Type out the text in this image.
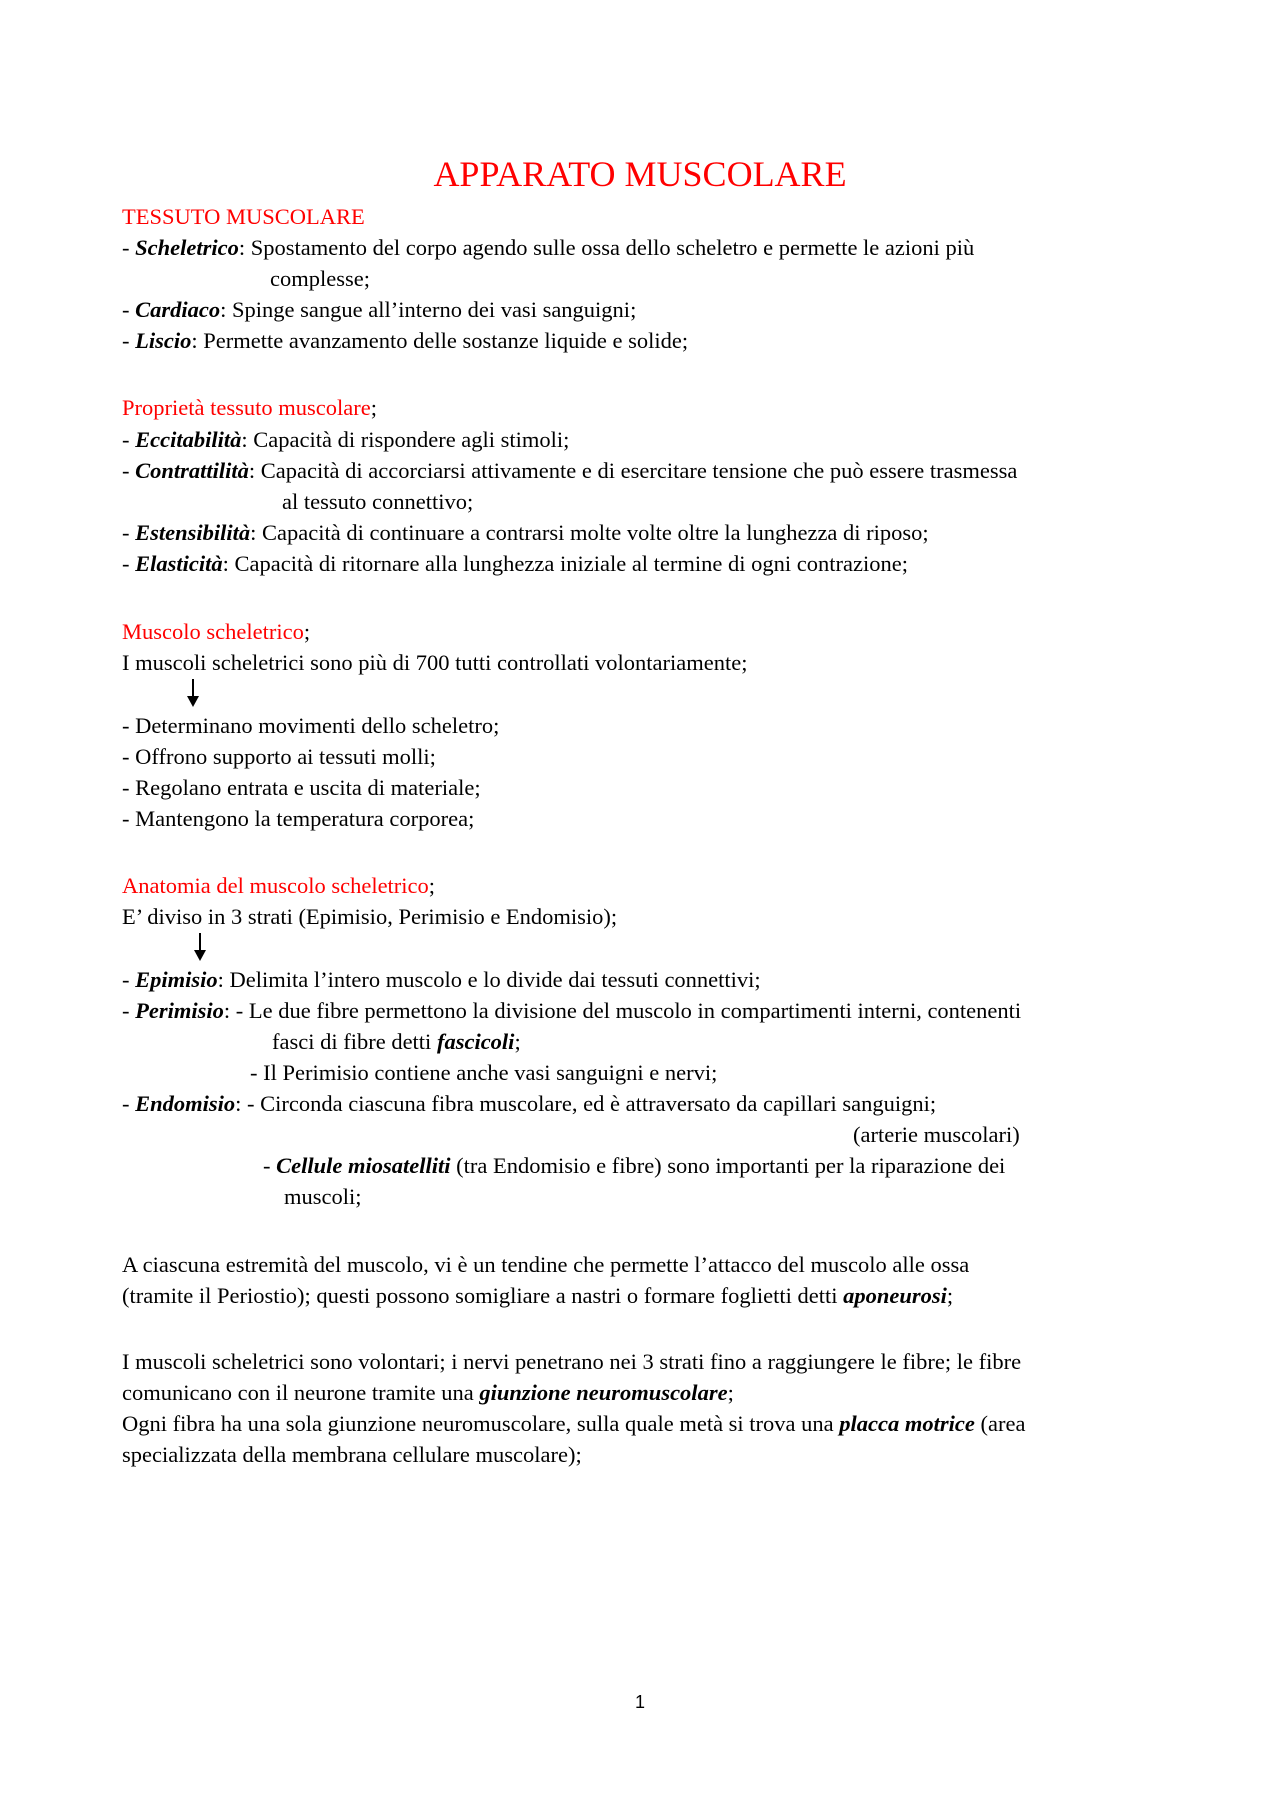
APPARATO MUSCOLARE
TESSUTO MUSCOLARE
- Scheletrico: Spostamento del corpo agendo sulle ossa dello scheletro e permette le azioni più
complesse;
- Cardiaco: Spinge sangue all’interno dei vasi sanguigni;
- Liscio: Permette avanzamento delle sostanze liquide e solide;
Proprietà tessuto muscolare;
- Eccitabilità: Capacità di rispondere agli stimoli;
- Contrattilità: Capacità di accorciarsi attivamente e di esercitare tensione che può essere trasmessa
al tessuto connettivo;
- Estensibilità: Capacità di continuare a contrarsi molte volte oltre la lunghezza di riposo;
- Elasticità: Capacità di ritornare alla lunghezza iniziale al termine di ogni contrazione;
Muscolo scheletrico;
I muscoli scheletrici sono più di 700 tutti controllati volontariamente;
- Determinano movimenti dello scheletro;
- Offrono supporto ai tessuti molli;
- Regolano entrata e uscita di materiale;
- Mantengono la temperatura corporea;
Anatomia del muscolo scheletrico;
E’ diviso in 3 strati (Epimisio, Perimisio e Endomisio);
- Epimisio: Delimita l’intero muscolo e lo divide dai tessuti connettivi;
- Perimisio: - Le due fibre permettono la divisione del muscolo in compartimenti interni, contenenti
fasci di fibre detti fascicoli;
- Il Perimisio contiene anche vasi sanguigni e nervi;
- Endomisio: - Circonda ciascuna fibra muscolare, ed è attraversato da capillari sanguigni;
(arterie muscolari)
- Cellule miosatelliti (tra Endomisio e fibre) sono importanti per la riparazione dei
muscoli;
A ciascuna estremità del muscolo, vi è un tendine che permette l’attacco del muscolo alle ossa
(tramite il Periostio); questi possono somigliare a nastri o formare foglietti detti aponeurosi;
I muscoli scheletrici sono volontari; i nervi penetrano nei 3 strati fino a raggiungere le fibre; le fibre
comunicano con il neurone tramite una giunzione neuromuscolare;
Ogni fibra ha una sola giunzione neuromuscolare, sulla quale metà si trova una placca motrice (area
specializzata della membrana cellulare muscolare);
1
